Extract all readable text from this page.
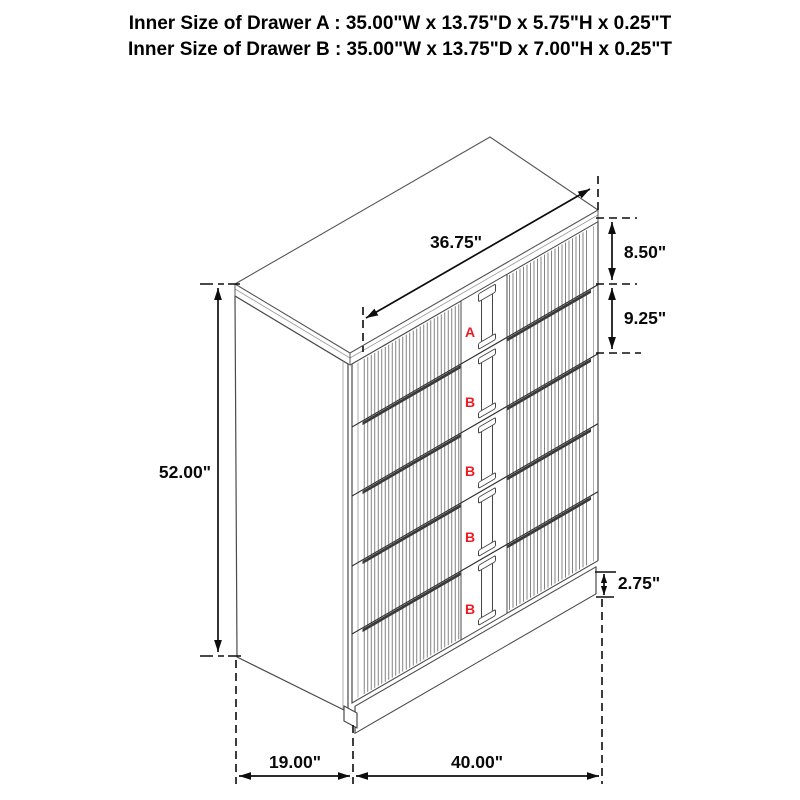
Inner Size of Drawer A : 35.00"W x 13.75"D x 5.75"H x 0.25"T
Inner Size of Drawer B : 35.00"W x 13.75"D x 7.00"H x 0.25"T
A
B
B
B
B
36.75"	8.50"
9.25"
52.00"
2.75"
19.00"	40.00"
